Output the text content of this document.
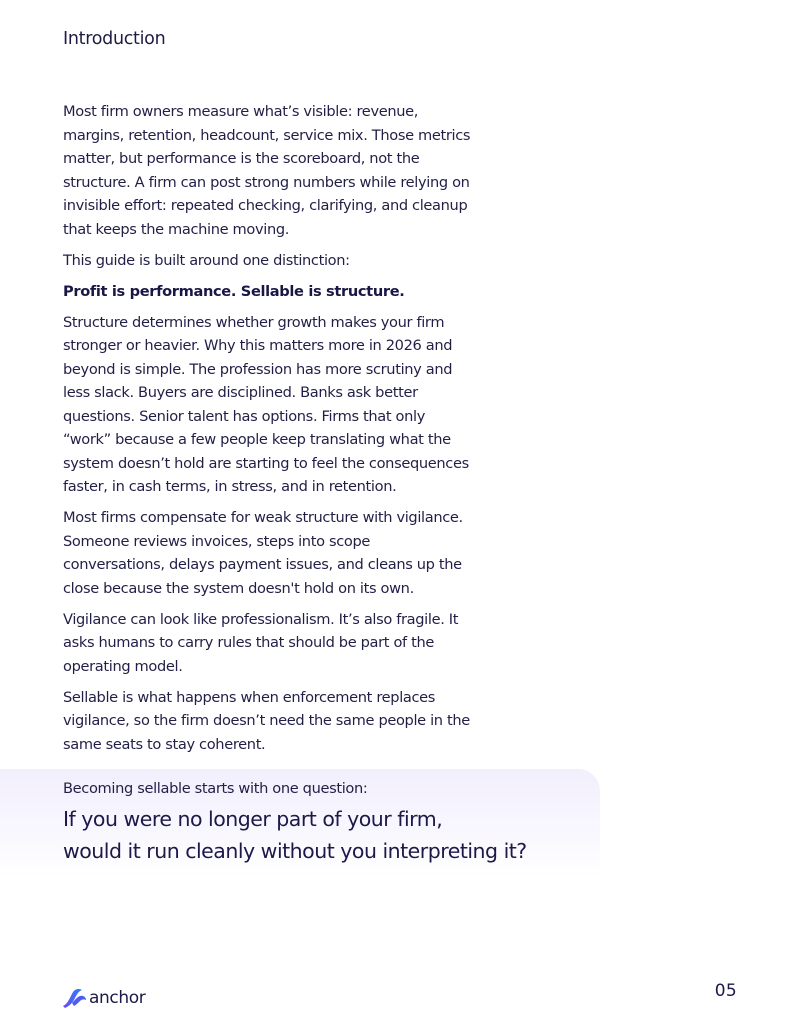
Introduction

Most firm owners measure what’s visible: revenue, margins, retention, headcount, service mix. Those metrics matter, but performance is the scoreboard, not the structure. A firm can post strong numbers while relying on invisible effort: repeated checking, clarifying, and cleanup that keeps the machine moving.

This guide is built around one distinction:

Profit is performance. Sellable is structure.

Structure determines whether growth makes your firm stronger or heavier. Why this matters more in 2026 and beyond is simple. The profession has more scrutiny and less slack. Buyers are disciplined. Banks ask better questions. Senior talent has options. Firms that only “work” because a few people keep translating what the system doesn’t hold are starting to feel the consequences faster, in cash terms, in stress, and in retention.

Most firms compensate for weak structure with vigilance. Someone reviews invoices, steps into scope conversations, delays payment issues, and cleans up the close because the system doesn't hold on its own.

Vigilance can look like professionalism. It’s also fragile. It asks humans to carry rules that should be part of the operating model.

Sellable is what happens when enforcement replaces vigilance, so the firm doesn’t need the same people in the same seats to stay coherent.

Becoming sellable starts with one question:
If you were no longer part of your firm,
would it run cleanly without you interpreting it?
anchor	05
